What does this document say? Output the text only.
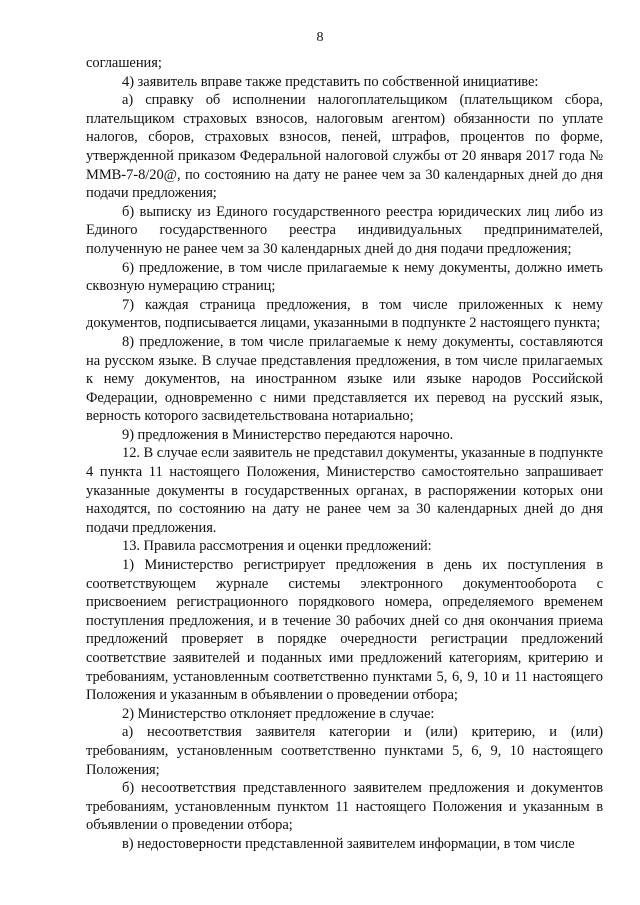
8

соглашения;

4) заявитель вправе также представить по собственной инициативе:

а) справку об исполнении налогоплательщиком (плательщиком сбора, плательщиком страховых взносов, налоговым агентом) обязанности по уплате налогов, сборов, страховых взносов, пеней, штрафов, процентов по форме, утвержденной приказом Федеральной налоговой службы от 20 января 2017 года № ММВ-7-8/20@, по состоянию на дату не ранее чем за 30 календарных дней до дня подачи предложения;

б) выписку из Единого государственного реестра юридических лиц либо из Единого государственного реестра индивидуальных предпринимателей, полученную не ранее чем за 30 календарных дней до дня подачи предложения;

6) предложение, в том числе прилагаемые к нему документы, должно иметь сквозную нумерацию страниц;

7) каждая страница предложения, в том числе приложенных к нему документов, подписывается лицами, указанными в подпункте 2 настоящего пункта;

8) предложение, в том числе прилагаемые к нему документы, составляются на русском языке. В случае представления предложения, в том числе прилагаемых к нему документов, на иностранном языке или языке народов Российской Федерации, одновременно с ними представляется их перевод на русский язык, верность которого засвидетельствована нотариально;

9) предложения в Министерство передаются нарочно.

12. В случае если заявитель не представил документы, указанные в подпункте 4 пункта 11 настоящего Положения, Министерство самостоятельно запрашивает указанные документы в государственных органах, в распоряжении которых они находятся, по состоянию на дату не ранее чем за 30 календарных дней до дня подачи предложения.

13. Правила рассмотрения и оценки предложений:

1) Министерство регистрирует предложения в день их поступления в соответствующем журнале системы электронного документооборота с присвоением регистрационного порядкового номера, определяемого временем поступления предложения, и в течение 30 рабочих дней со дня окончания приема предложений проверяет в порядке очередности регистрации предложений соответствие заявителей и поданных ими предложений категориям, критерию и требованиям, установленным соответственно пунктами 5, 6, 9, 10 и 11 настоящего Положения и указанным в объявлении о проведении отбора;

2) Министерство отклоняет предложение в случае:

а) несоответствия заявителя категории и (или) критерию, и (или) требованиям, установленным соответственно пунктами 5, 6, 9, 10 настоящего Положения;

б) несоответствия представленного заявителем предложения и документов требованиям, установленным пунктом 11 настоящего Положения и указанным в объявлении о проведении отбора;

в) недостоверности представленной заявителем информации, в том числе
